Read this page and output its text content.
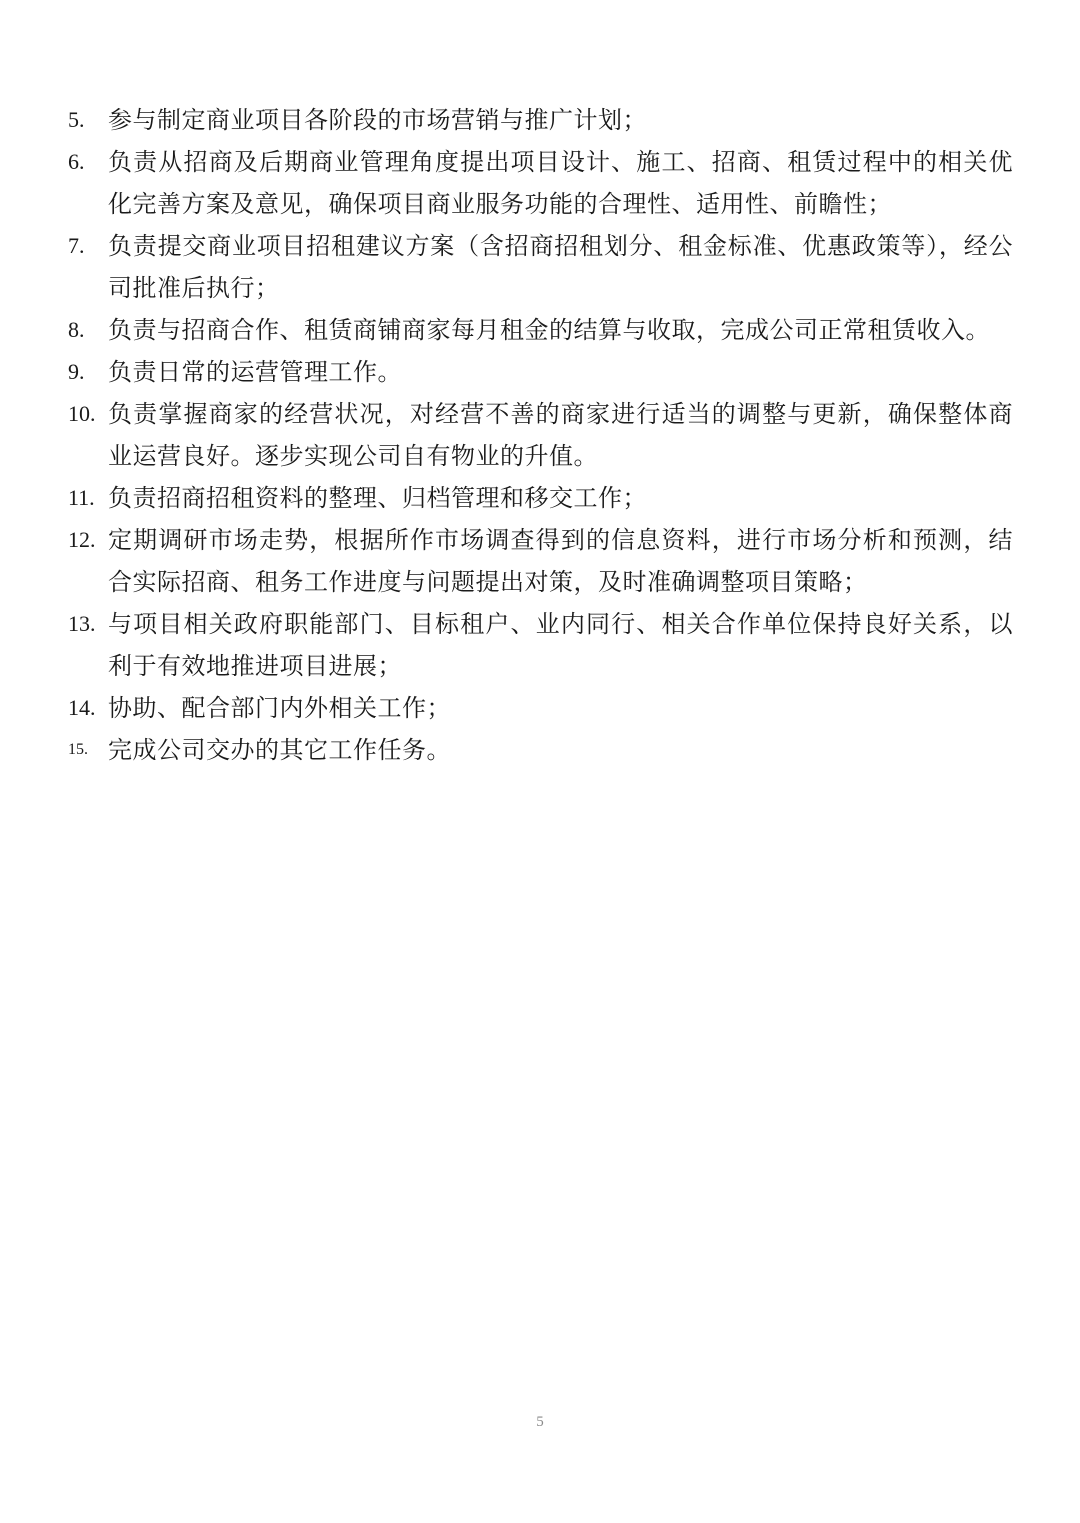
5. 参与制定商业项目各阶段的市场营销与推广计划；
6. 负责从招商及后期商业管理角度提出项目设计、施工、招商、租赁过程中的相关优化完善方案及意见，确保项目商业服务功能的合理性、适用性、前瞻性；
7. 负责提交商业项目招租建议方案（含招商招租划分、租金标准、优惠政策等），经公司批准后执行；
8. 负责与招商合作、租赁商铺商家每月租金的结算与收取，完成公司正常租赁收入。
9. 负责日常的运营管理工作。
10. 负责掌握商家的经营状况，对经营不善的商家进行适当的调整与更新，确保整体商业运营良好。逐步实现公司自有物业的升值。
11. 负责招商招租资料的整理、归档管理和移交工作；
12. 定期调研市场走势，根据所作市场调查得到的信息资料，进行市场分析和预测，结合实际招商、租务工作进度与问题提出对策，及时准确调整项目策略；
13. 与项目相关政府职能部门、目标租户、业内同行、相关合作单位保持良好关系，以利于有效地推进项目进展；
14. 协助、配合部门内外相关工作；
15. 完成公司交办的其它工作任务。
5
